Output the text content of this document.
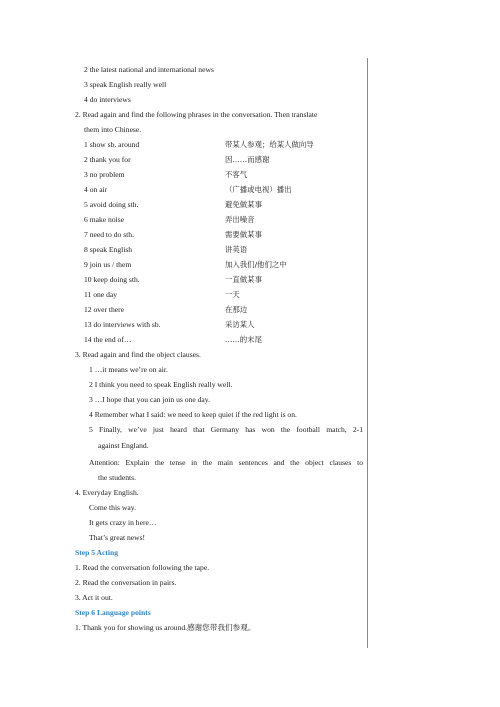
2 the latest national and international news
3 speak English really well
4 do interviews
2. Read again and find the following phrases in the conversation. Then translate
them into Chinese.
1 show sb. around	带某人参观；给某人做向导
2 thank you for	因……而感谢
3 no problem	不客气
4 on air	（广播或电视）播出
5 avoid doing sth.	避免做某事
6 make noise	弄出噪音
7 need to do sth.	需要做某事
8 speak English	讲英语
9 join us / them	加入我们/他们之中
10 keep doing sth.	一直做某事
11 one day	一天
12 over there	在那边
13 do interviews with sb.	采访某人
14 the end of…	……的末尾
3. Read again and find the object clauses.
1 …it means we’re on air.
2 I think you need to speak English really well.
3 …I hope that you can join us one day.
4 Remember what I said: we need to keep quiet if the red light is on.
5 Finally, we’ve just heard that Germany has won the football match, 2-1
against England.
Attention: Explain the tense in the main sentences and the object clauses to
the students.
4. Everyday English.
Come this way.
It gets crazy in here…
That’s great news!
Step 5 Acting
1. Read the conversation following the tape.
2. Read the conversation in pairs.
3. Act it out.
Step 6 Language points
1. Thank you for showing us around.感谢您带我们参观。
